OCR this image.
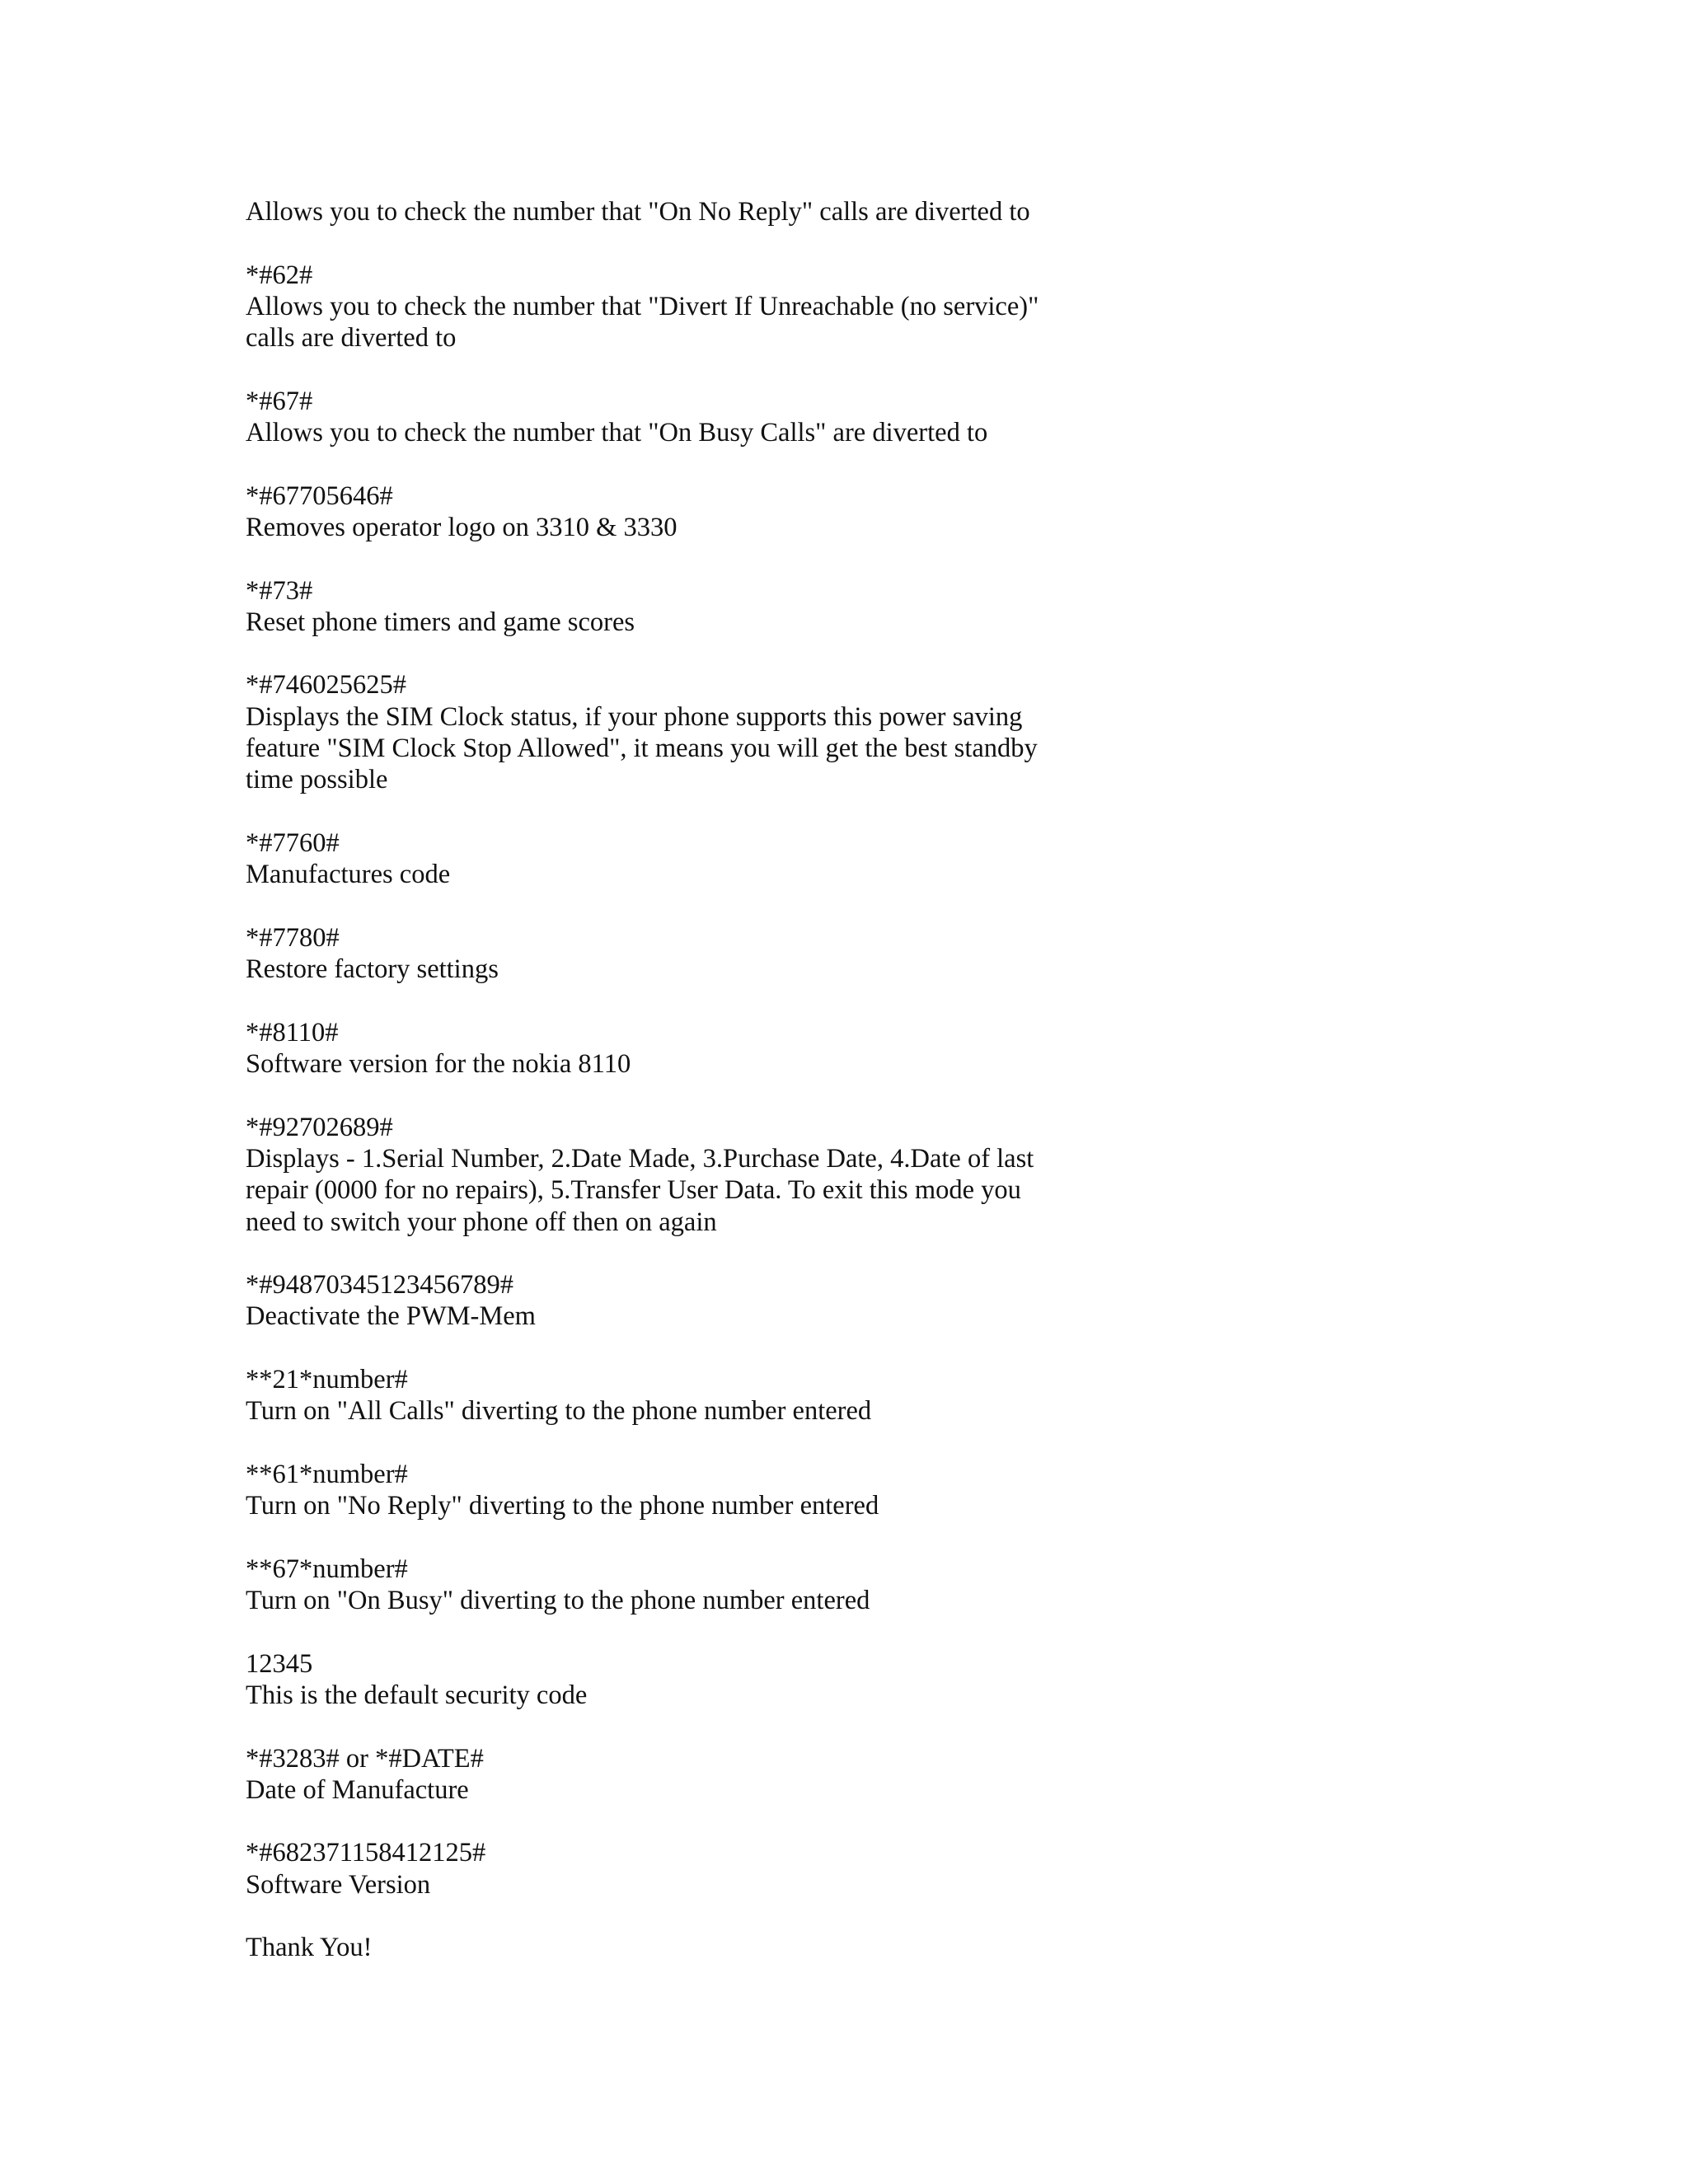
Allows you to check the number that "On No Reply" calls are diverted to
*#62#
Allows you to check the number that "Divert If Unreachable (no service)"
calls are diverted to
*#67#
Allows you to check the number that "On Busy Calls" are diverted to
*#67705646#
Removes operator logo on 3310 & 3330
*#73#
Reset phone timers and game scores
*#746025625#
Displays the SIM Clock status, if your phone supports this power saving
feature "SIM Clock Stop Allowed", it means you will get the best standby
time possible
*#7760#
Manufactures code
*#7780#
Restore factory settings
*#8110#
Software version for the nokia 8110
*#92702689#
Displays - 1.Serial Number, 2.Date Made, 3.Purchase Date, 4.Date of last
repair (0000 for no repairs), 5.Transfer User Data. To exit this mode you
need to switch your phone off then on again
*#94870345123456789#
Deactivate the PWM-Mem
**21*number#
Turn on "All Calls" diverting to the phone number entered
**61*number#
Turn on "No Reply" diverting to the phone number entered
**67*number#
Turn on "On Busy" diverting to the phone number entered
12345
This is the default security code
*#3283# or *#DATE#
Date of Manufacture
*#682371158412125#
Software Version
Thank You!
